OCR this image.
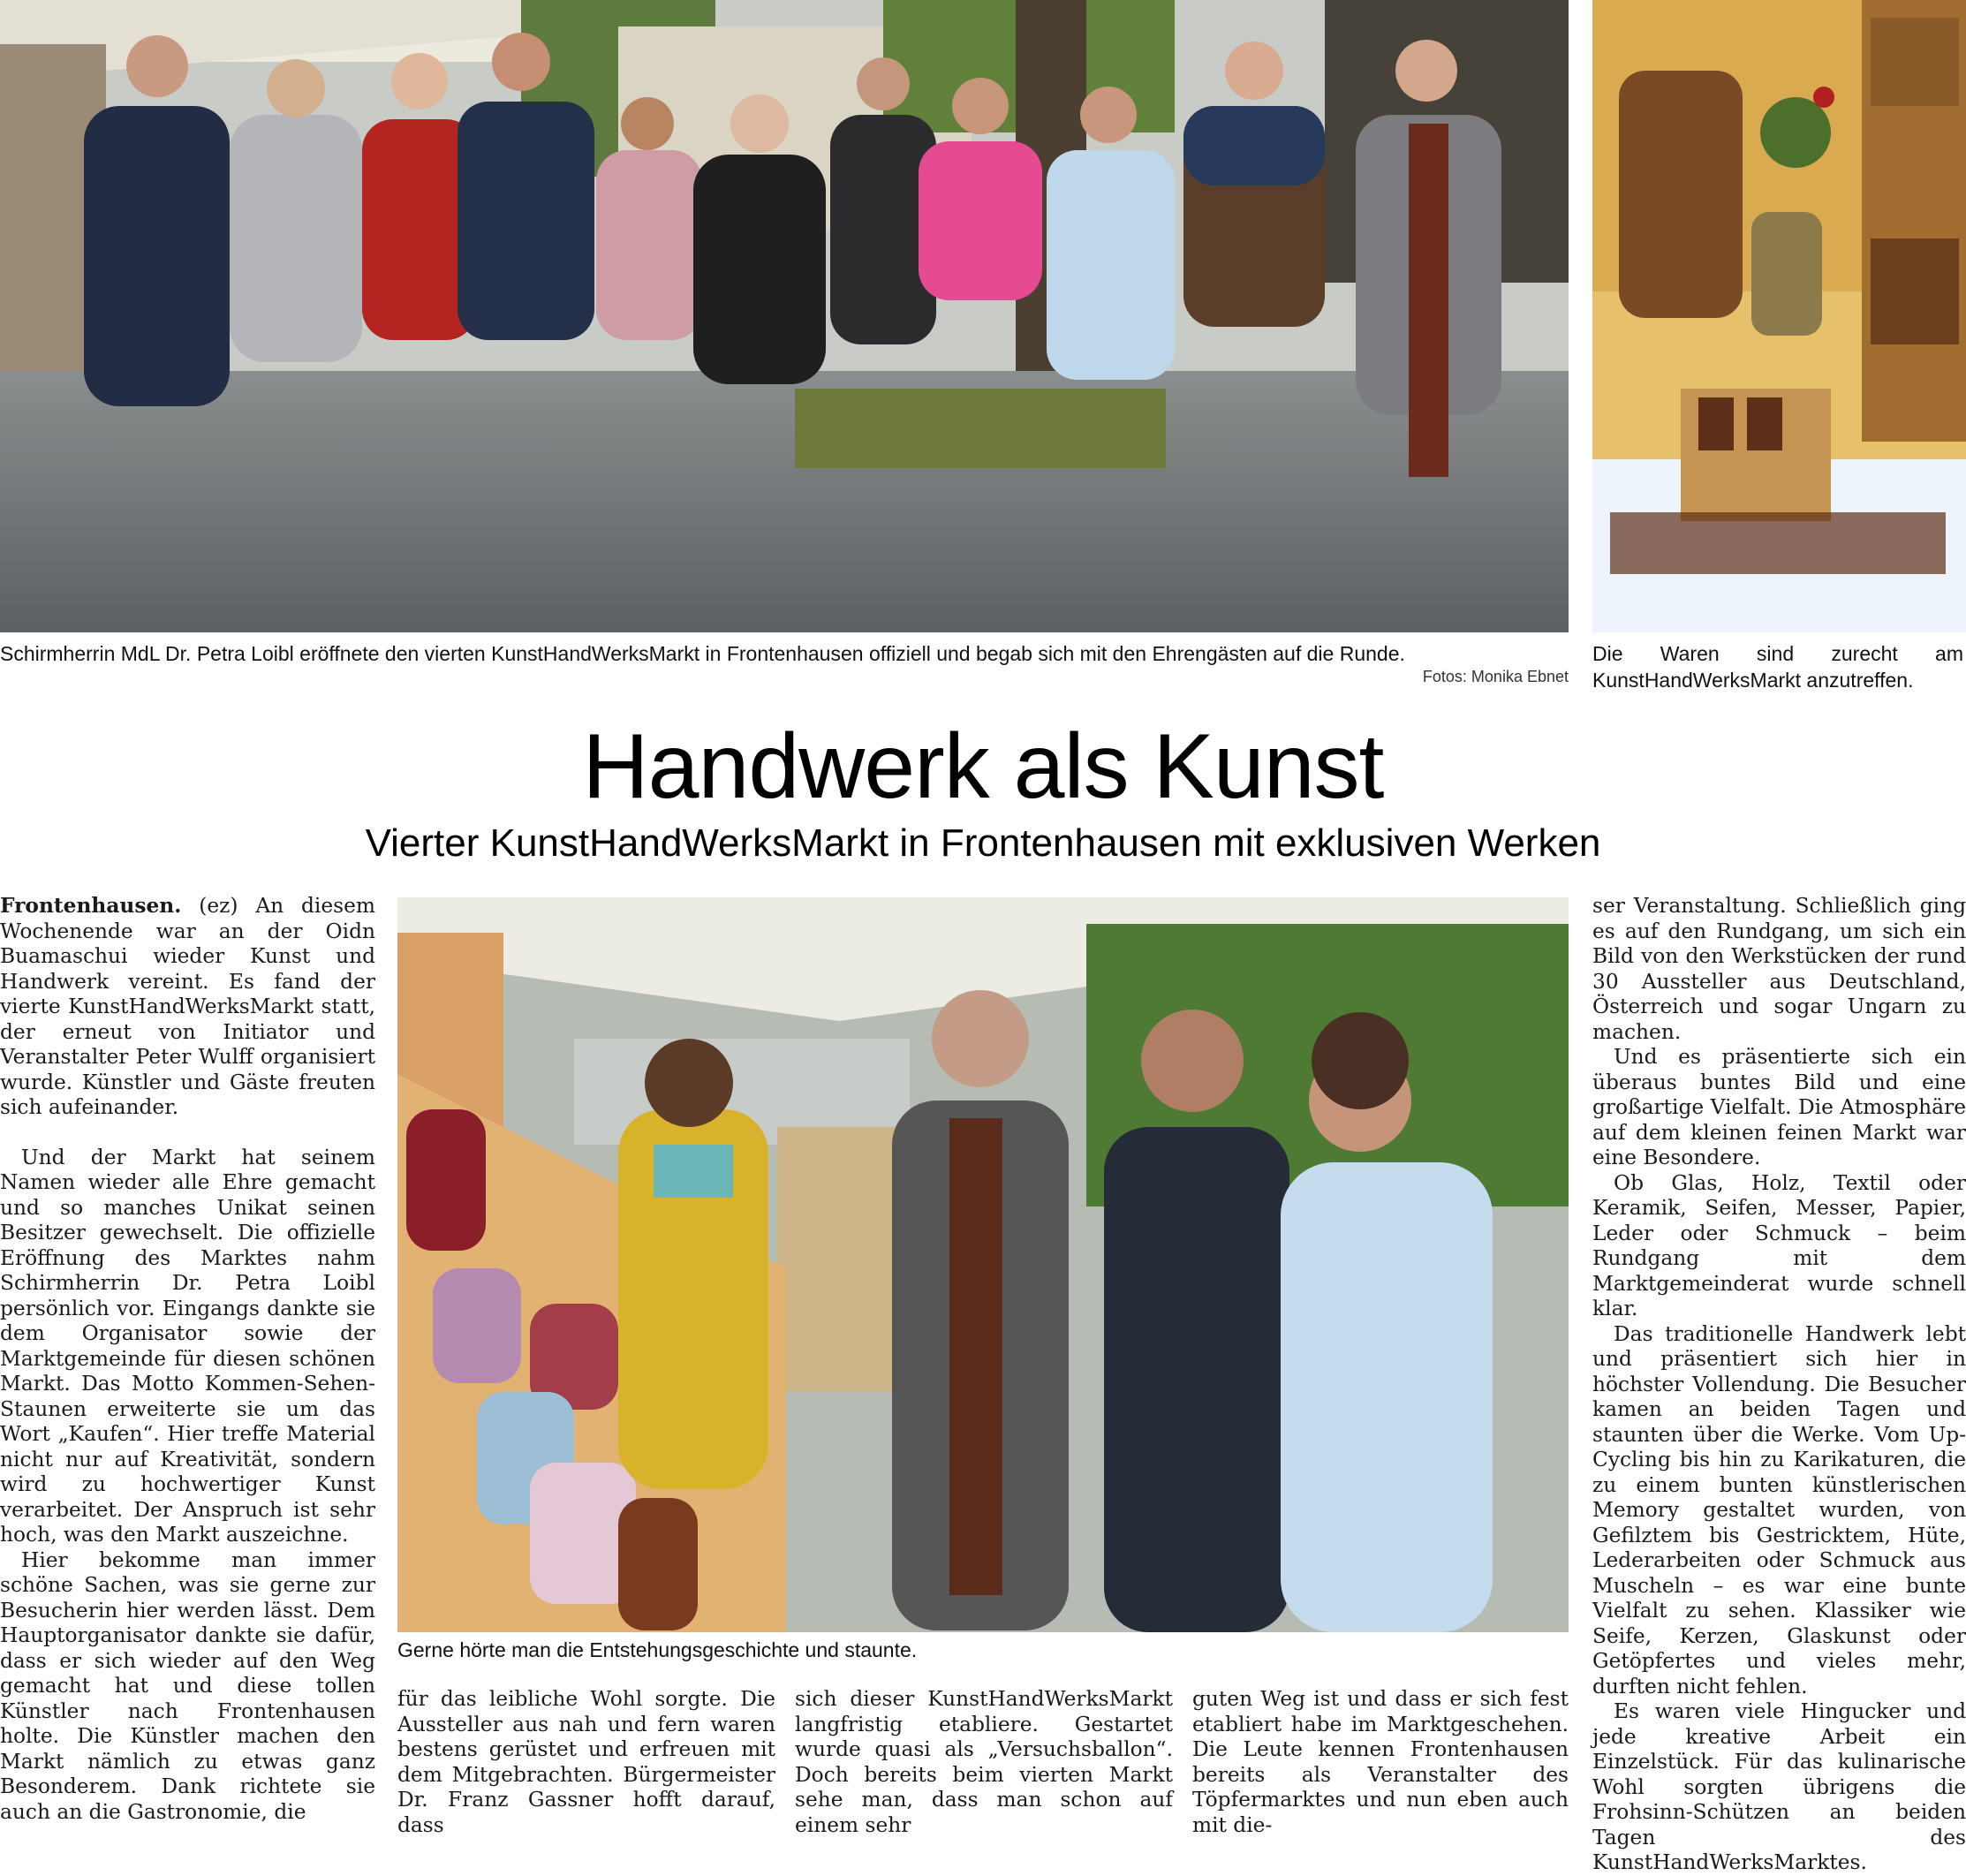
Schirmherrin MdL Dr. Petra Loibl eröffnete den vierten KunstHandWerksMarkt in Frontenhausen offiziell und begab sich mit den Ehrengästen auf die Runde.
Fotos: Monika Ebnet
Die Waren sind zurecht am KunstHandWerksMarkt anzutreffen.
Handwerk als Kunst
Vierter KunstHandWerksMarkt in Frontenhausen mit exklusiven Werken

Frontenhausen. (ez) An diesem Wochenende war an der Oidn Buamaschui wieder Kunst und Handwerk vereint. Es fand der vierte KunstHandWerksMarkt statt, der erneut von Initiator und Veranstalter Peter Wulff organisiert wurde. Künstler und Gäste freuten sich aufeinander.

Und der Markt hat seinem Namen wieder alle Ehre gemacht und so manches Unikat seinen Besitzer gewechselt. Die offizielle Eröffnung des Marktes nahm Schirmherrin Dr. Petra Loibl persönlich vor. Eingangs dankte sie dem Organisator sowie der Marktgemeinde für diesen schönen Markt. Das Motto Kommen-Sehen-Staunen erweiterte sie um das Wort „Kaufen“. Hier treffe Material nicht nur auf Kreativität, sondern wird zu hochwertiger Kunst verarbeitet. Der Anspruch ist sehr hoch, was den Markt auszeichne.

Hier bekomme man immer schöne Sachen, was sie gerne zur Besucherin hier werden lässt. Dem Hauptorganisator dankte sie dafür, dass er sich wieder auf den Weg gemacht hat und diese tollen Künstler nach Frontenhausen holte. Die Künstler machen den Markt nämlich zu etwas ganz Besonderem. Dank richtete sie auch an die Gastronomie, die

Gerne hörte man die Entstehungsgeschichte und staunte.

für das leibliche Wohl sorgte. Die Aussteller aus nah und fern waren bestens gerüstet und erfreuen mit dem Mitgebrachten. Bürgermeister Dr. Franz Gassner hofft darauf, dass

sich dieser KunstHandWerksMarkt langfristig etabliere. Gestartet wurde quasi als „Versuchsballon“. Doch bereits beim vierten Markt sehe man, dass man schon auf einem sehr

guten Weg ist und dass er sich fest etabliert habe im Marktgeschehen. Die Leute kennen Frontenhausen bereits als Veranstalter des Töpfermarktes und nun eben auch mit die-

ser Veranstaltung. Schließlich ging es auf den Rundgang, um sich ein Bild von den Werkstücken der rund 30 Aussteller aus Deutschland, Österreich und sogar Ungarn zu machen.

Und es präsentierte sich ein überaus buntes Bild und eine großartige Vielfalt. Die Atmosphäre auf dem kleinen feinen Markt war eine Besondere.

Ob Glas, Holz, Textil oder Keramik, Seifen, Messer, Papier, Leder oder Schmuck – beim Rundgang mit dem Marktgemeinderat wurde schnell klar.

Das traditionelle Handwerk lebt und präsentiert sich hier in höchster Vollendung. Die Besucher kamen an beiden Tagen und staunten über die Werke. Vom Up-Cycling bis hin zu Karikaturen, die zu einem bunten künstlerischen Memory gestaltet wurden, von Gefilztem bis Gestricktem, Hüte, Lederarbeiten oder Schmuck aus Muscheln – es war eine bunte Vielfalt zu sehen. Klassiker wie Seife, Kerzen, Glaskunst oder Getöpfertes und vieles mehr, durften nicht fehlen.

Es waren viele Hingucker und jede kreative Arbeit ein Einzelstück. Für das kulinarische Wohl sorgten übrigens die Frohsinn-Schützen an beiden Tagen des KunstHandWerksMarktes.
